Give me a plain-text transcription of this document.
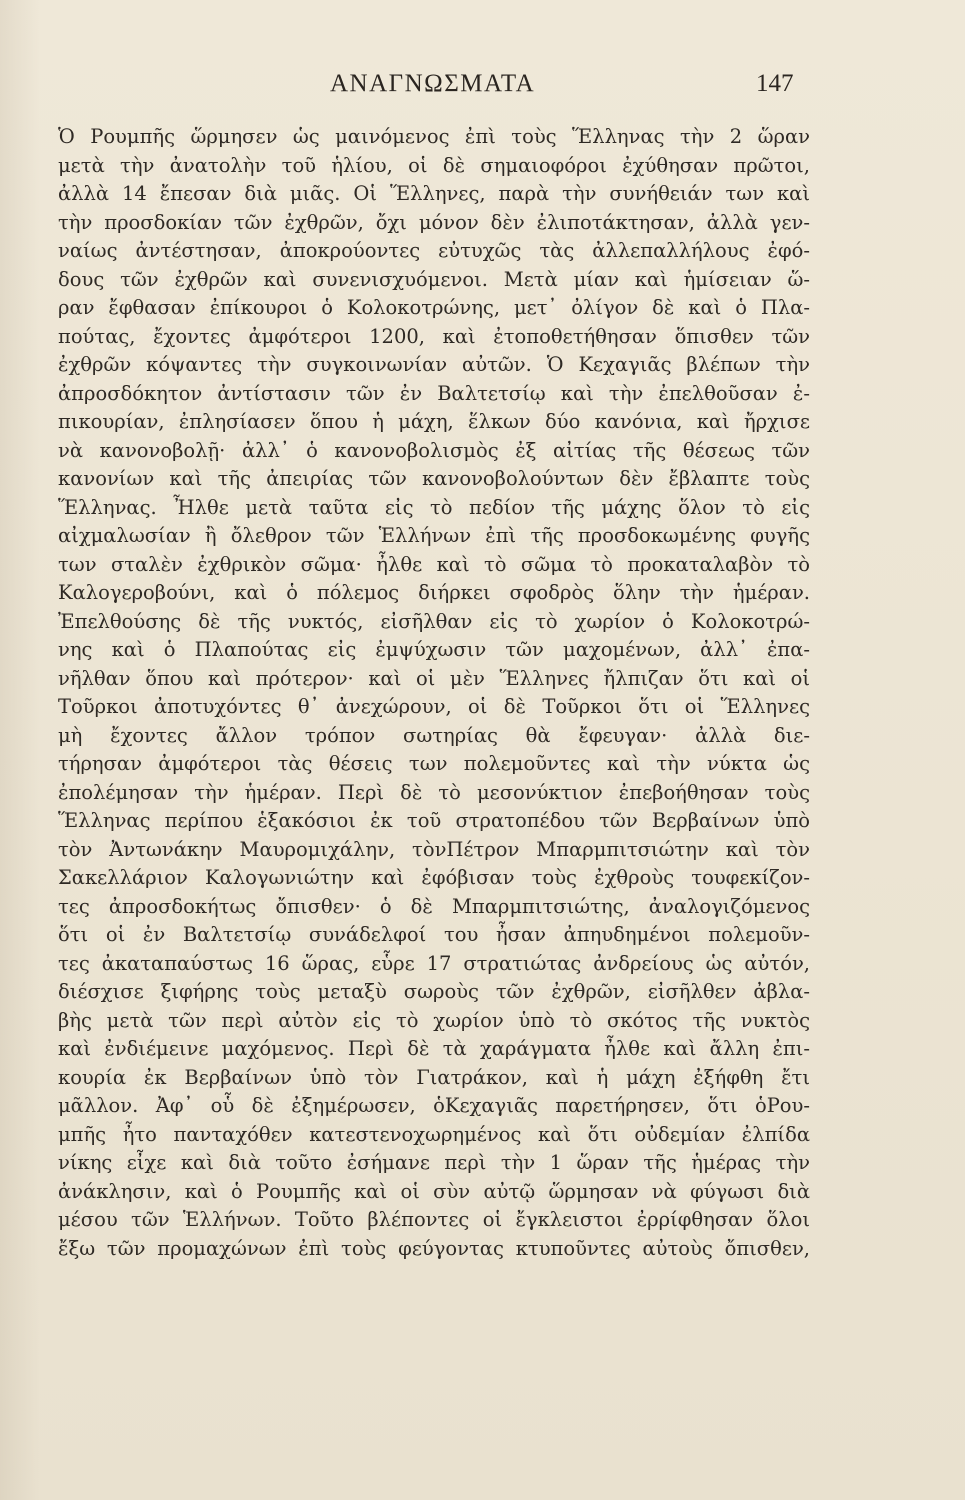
ΑΝΑΓΝΩΣΜΑΤΑ	147
Ὁ Ρουμπῆς ὥρμησεν ὡς μαινόμενος ἐπὶ τοὺς Ἕλληνας τὴν 2 ὥραν
μετὰ τὴν ἀνατολὴν τοῦ ἡλίου, οἱ δὲ σημαιοφόροι ἐχύθησαν πρῶτοι,
ἀλλὰ 14 ἔπεσαν διὰ μιᾶς. Οἱ Ἕλληνες, παρὰ τὴν συνήθειάν των καὶ
τὴν προσδοκίαν τῶν ἐχθρῶν, ὄχι μόνον δὲν ἐλιποτάκτησαν, ἀλλὰ γεν-
ναίως ἀντέστησαν, ἀποκρούοντες εὐτυχῶς τὰς ἀλλεπαλλήλους ἐφό-
δους τῶν ἐχθρῶν καὶ συνενισχυόμενοι. Μετὰ μίαν καὶ ἡμίσειαν ὥ-
ραν ἔφθασαν ἐπίκουροι ὁ Κολοκοτρώνης, μετ᾽ ὀλίγον δὲ καὶ ὁ Πλα-
πούτας, ἔχοντες ἀμφότεροι 1200, καὶ ἐτοποθετήθησαν ὅπισθεν τῶν
ἐχθρῶν κόψαντες τὴν συγκοινωνίαν αὐτῶν. Ὁ Κεχαγιᾶς βλέπων τὴν
ἀπροσδόκητον ἀντίστασιν τῶν ἐν Βαλτετσίῳ καὶ τὴν ἐπελθοῦσαν ἐ-
πικουρίαν, ἐπλησίασεν ὅπου ἡ μάχη, ἕλκων δύο κανόνια, καὶ ἤρχισε
νὰ κανονοβολῇ· ἀλλ᾽ ὁ κανονοβολισμὸς ἐξ αἰτίας τῆς θέσεως τῶν
κανονίων καὶ τῆς ἀπειρίας τῶν κανονοβολούντων δὲν ἔβλαπτε τοὺς
Ἕλληνας. Ἦλθε μετὰ ταῦτα εἰς τὸ πεδίον τῆς μάχης ὅλον τὸ εἰς
αἰχμαλωσίαν ἢ ὄλεθρον τῶν Ἑλλήνων ἐπὶ τῆς προσδοκωμένης φυγῆς
των σταλὲν ἐχθρικὸν σῶμα· ἦλθε καὶ τὸ σῶμα τὸ προκαταλαβὸν τὸ
Καλογεροβούνι, καὶ ὁ πόλεμος διήρκει σφοδρὸς ὅλην τὴν ἡμέραν.
Ἐπελθούσης δὲ τῆς νυκτός, εἰσῆλθαν εἰς τὸ χωρίον ὁ Κολοκοτρώ-
νης καὶ ὁ Πλαπούτας εἰς ἐμψύχωσιν τῶν μαχομένων, ἀλλ᾽ ἐπα-
νῆλθαν ὅπου καὶ πρότερον· καὶ οἱ μὲν Ἕλληνες ἤλπιζαν ὅτι καὶ οἱ
Τοῦρκοι ἀποτυχόντες θ᾽ ἀνεχώρουν, οἱ δὲ Τοῦρκοι ὅτι οἱ Ἕλληνες
μὴ ἔχοντες ἄλλον τρόπον σωτηρίας θὰ ἔφευγαν· ἀλλὰ διε-
τήρησαν ἀμφότεροι τὰς θέσεις των πολεμοῦντες καὶ τὴν νύκτα ὡς
ἐπολέμησαν τὴν ἡμέραν. Περὶ δὲ τὸ μεσονύκτιον ἐπεβοήθησαν τοὺς
Ἕλληνας περίπου ἑξακόσιοι ἐκ τοῦ στρατοπέδου τῶν Βερβαίνων ὑπὸ
τὸν Ἀντωνάκην Μαυρομιχάλην, τὸνΠέτρον Μπαρμπιτσιώτην καὶ τὸν
Σακελλάριον Καλογωνιώτην καὶ ἐφόβισαν τοὺς ἐχθροὺς τουφεκίζον-
τες ἀπροσδοκήτως ὄπισθεν· ὁ δὲ Μπαρμπιτσιώτης, ἀναλογιζόμενος
ὅτι οἱ ἐν Βαλτετσίῳ συνάδελφοί του ἦσαν ἀπηυδημένοι πολεμοῦν-
τες ἀκαταπαύστως 16 ὥρας, εὗρε 17 στρατιώτας ἀνδρείους ὡς αὐτόν,
διέσχισε ξιφήρης τοὺς μεταξὺ σωροὺς τῶν ἐχθρῶν, εἰσῆλθεν ἀβλα-
βὴς μετὰ τῶν περὶ αὐτὸν εἰς τὸ χωρίον ὑπὸ τὸ σκότος τῆς νυκτὸς
καὶ ἐνδιέμεινε μαχόμενος. Περὶ δὲ τὰ χαράγματα ἦλθε καὶ ἄλλη ἐπι-
κουρία ἐκ Βερβαίνων ὑπὸ τὸν Γιατράκον, καὶ ἡ μάχη ἐξήφθη ἔτι
μᾶλλον. Ἀφ᾽ οὗ δὲ ἐξημέρωσεν, ὁΚεχαγιᾶς παρετήρησεν, ὅτι ὁΡου-
μπῆς ἦτο πανταχόθεν κατεστενοχωρημένος καὶ ὅτι οὐδεμίαν ἐλπίδα
νίκης εἶχε καὶ διὰ τοῦτο ἐσήμανε περὶ τὴν 1 ὥραν τῆς ἡμέρας τὴν
ἀνάκλησιν, καὶ ὁ Ρουμπῆς καὶ οἱ σὺν αὐτῷ ὥρμησαν νὰ φύγωσι διὰ
μέσου τῶν Ἑλλήνων. Τοῦτο βλέποντες οἱ ἔγκλειστοι ἐρρίφθησαν ὅλοι
ἔξω τῶν προμαχώνων ἐπὶ τοὺς φεύγοντας κτυποῦντες αὐτοὺς ὄπισθεν,
